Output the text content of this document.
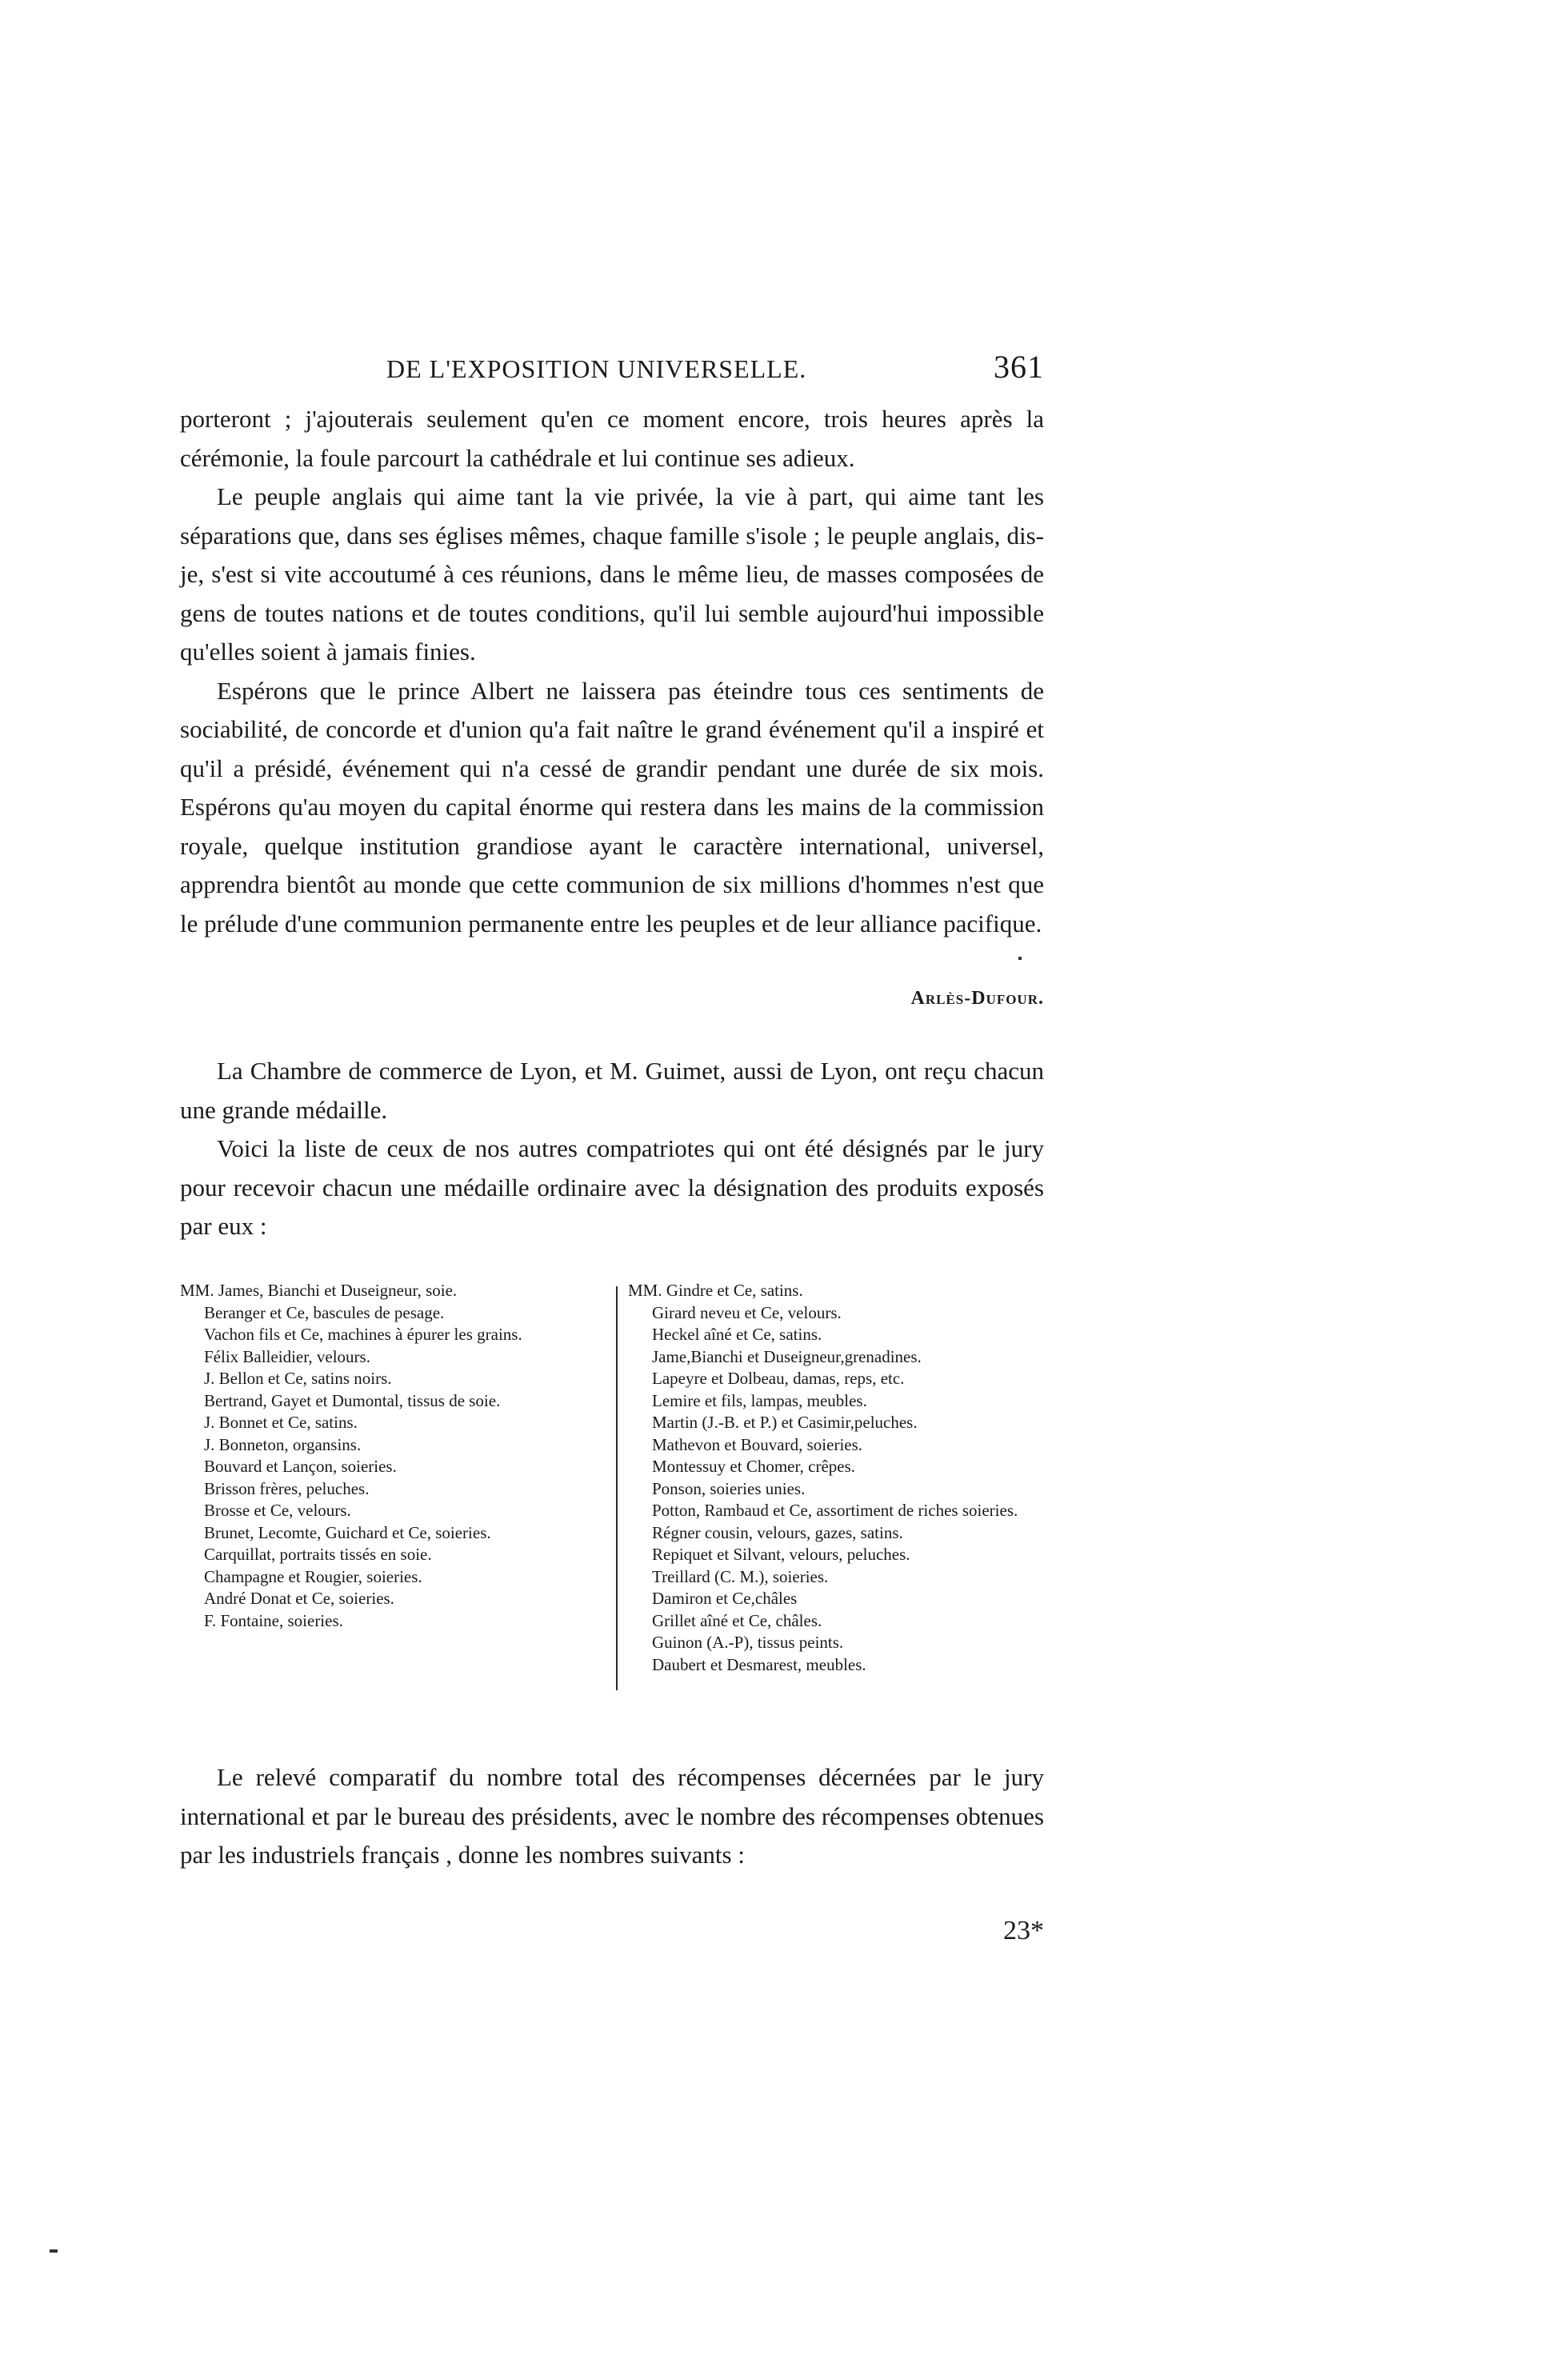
DE L'EXPOSITION UNIVERSELLE.	361

porteront ; j'ajouterais seulement qu'en ce moment encore, trois heures après la cérémonie, la foule parcourt la cathédrale et lui continue ses adieux.

Le peuple anglais qui aime tant la vie privée, la vie à part, qui aime tant les séparations que, dans ses églises mêmes, chaque famille s'isole ; le peuple anglais, dis-je, s'est si vite accoutumé à ces réunions, dans le même lieu, de masses composées de gens de toutes nations et de toutes conditions, qu'il lui semble aujourd'hui impossible qu'elles soient à jamais finies.

Espérons que le prince Albert ne laissera pas éteindre tous ces sentiments de sociabilité, de concorde et d'union qu'a fait naître le grand événement qu'il a inspiré et qu'il a présidé, événement qui n'a cessé de grandir pendant une durée de six mois. Espérons qu'au moyen du capital énorme qui restera dans les mains de la commission royale, quelque institution grandiose ayant le caractère international, universel, apprendra bientôt au monde que cette communion de six millions d'hommes n'est que le prélude d'une communion permanente entre les peuples et de leur alliance pacifique.

Arlès-Dufour.

La Chambre de commerce de Lyon, et M. Guimet, aussi de Lyon, ont reçu chacun une grande médaille.

Voici la liste de ceux de nos autres compatriotes qui ont été désignés par le jury pour recevoir chacun une médaille ordinaire avec la désignation des produits exposés par eux :

MM. James, Bianchi et Duseigneur, soie.
Beranger et Ce, bascules de pesage.
Vachon fils et Ce, machines à épurer les grains.
Félix Balleidier, velours.
J. Bellon et Ce, satins noirs.
Bertrand, Gayet et Dumontal, tissus de soie.
J. Bonnet et Ce, satins.
J. Bonneton, organsins.
Bouvard et Lançon, soieries.
Brisson frères, peluches.
Brosse et Ce, velours.
Brunet, Lecomte, Guichard et Ce, soieries.
Carquillat, portraits tissés en soie.
Champagne et Rougier, soieries.
André Donat et Ce, soieries.
F. Fontaine, soieries.
MM. Gindre et Ce, satins.
Girard neveu et Ce, velours.
Heckel aîné et Ce, satins.
Jame,Bianchi et Duseigneur,grenadines.
Lapeyre et Dolbeau, damas, reps, etc.
Lemire et fils, lampas, meubles.
Martin (J.-B. et P.) et Casimir,peluches.
Mathevon et Bouvard, soieries.
Montessuy et Chomer, crêpes.
Ponson, soieries unies.
Potton, Rambaud et Ce, assortiment de riches soieries.
Régner cousin, velours, gazes, satins.
Repiquet et Silvant, velours, peluches.
Treillard (C. M.), soieries.
Damiron et Ce,châles
Grillet aîné et Ce, châles.
Guinon (A.-P), tissus peints.
Daubert et Desmarest, meubles.

Le relevé comparatif du nombre total des récompenses décernées par le jury international et par le bureau des présidents, avec le nombre des récompenses obtenues par les industriels français , donne les nombres suivants :

23*
